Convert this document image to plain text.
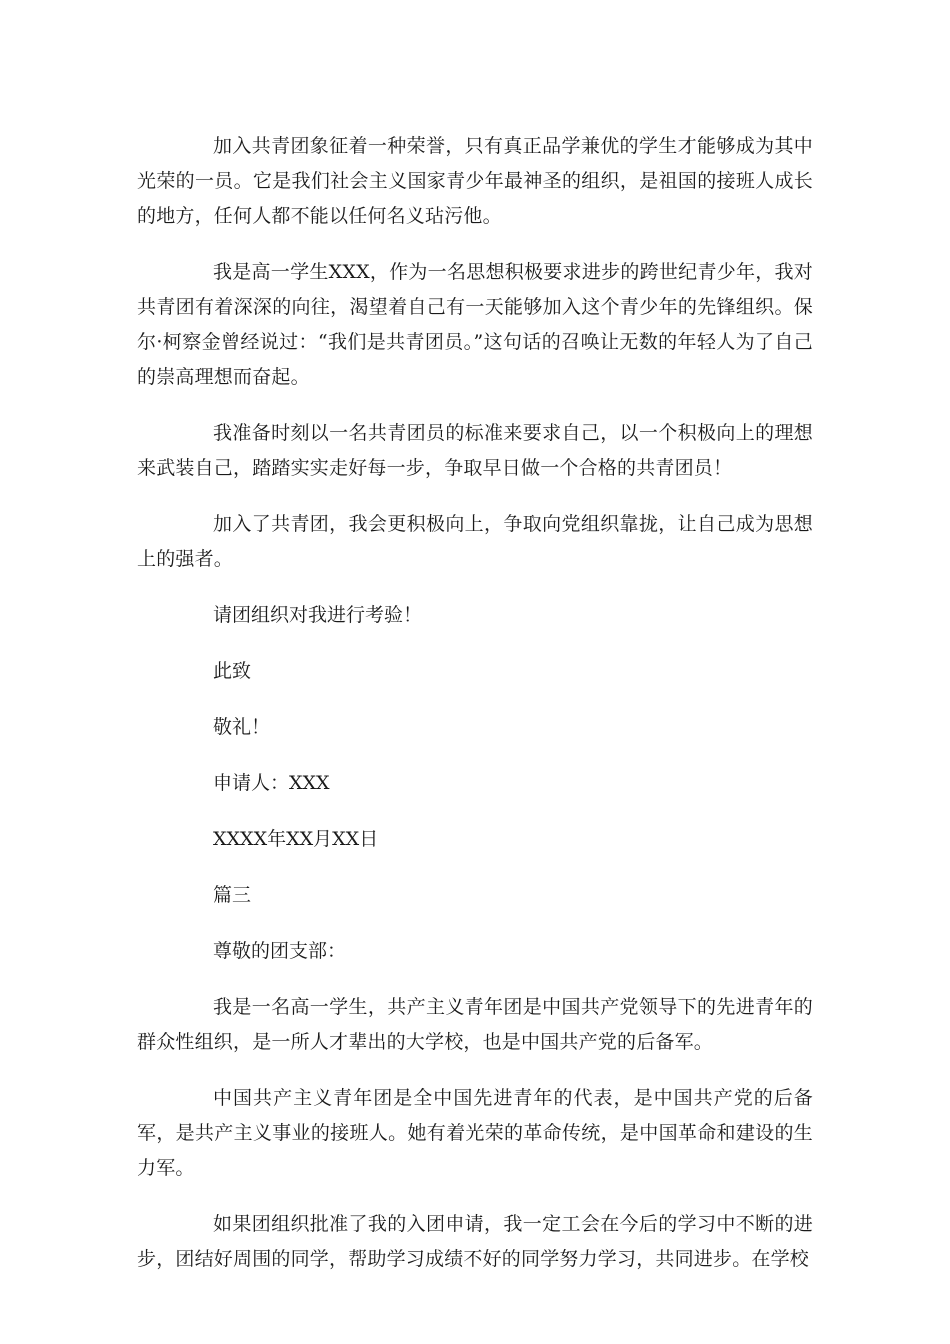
加入共青团象征着一种荣誉，只有真正品学兼优的学生才能够成为其中光荣的一员。它是我们社会主义国家青少年最神圣的组织，是祖国的接班人成长的地方，任何人都不能以任何名义玷污他。

我是高一学生XXX，作为一名思想积极要求进步的跨世纪青少年，我对共青团有着深深的向往，渴望着自己有一天能够加入这个青少年的先锋组织。保尔·柯察金曾经说过：“我们是共青团员。”这句话的召唤让无数的年轻人为了自己的崇高理想而奋起。

我准备时刻以一名共青团员的标准来要求自己，以一个积极向上的理想来武装自己，踏踏实实走好每一步，争取早日做一个合格的共青团员！

加入了共青团，我会更积极向上，争取向党组织靠拢，让自己成为思想上的强者。

请团组织对我进行考验！

此致

敬礼！

申请人：XXX

XXXX年XX月XX日

篇三

尊敬的团支部：

我是一名高一学生，共产主义青年团是中国共产党领导下的先进青年的群众性组织，是一所人才辈出的大学校，也是中国共产党的后备军。

中国共产主义青年团是全中国先进青年的代表，是中国共产党的后备军，是共产主义事业的接班人。她有着光荣的革命传统，是中国革命和建设的生力军。

如果团组织批准了我的入团申请，我一定工会在今后的学习中不断的进步，团结好周围的同学，帮助学习成绩不好的同学努力学习，共同进步。在学校
